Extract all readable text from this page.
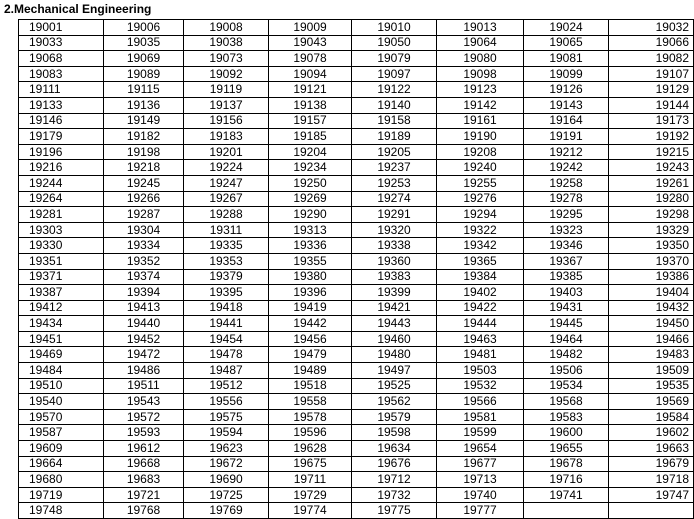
2.Mechanical Engineering
19001	19006	19008	19009	19010	19013	19024	19032
19033	19035	19038	19043	19050	19064	19065	19066
19068	19069	19073	19078	19079	19080	19081	19082
19083	19089	19092	19094	19097	19098	19099	19107
19111	19115	19119	19121	19122	19123	19126	19129
19133	19136	19137	19138	19140	19142	19143	19144
19146	19149	19156	19157	19158	19161	19164	19173
19179	19182	19183	19185	19189	19190	19191	19192
19196	19198	19201	19204	19205	19208	19212	19215
19216	19218	19224	19234	19237	19240	19242	19243
19244	19245	19247	19250	19253	19255	19258	19261
19264	19266	19267	19269	19274	19276	19278	19280
19281	19287	19288	19290	19291	19294	19295	19298
19303	19304	19311	19313	19320	19322	19323	19329
19330	19334	19335	19336	19338	19342	19346	19350
19351	19352	19353	19355	19360	19365	19367	19370
19371	19374	19379	19380	19383	19384	19385	19386
19387	19394	19395	19396	19399	19402	19403	19404
19412	19413	19418	19419	19421	19422	19431	19432
19434	19440	19441	19442	19443	19444	19445	19450
19451	19452	19454	19456	19460	19463	19464	19466
19469	19472	19478	19479	19480	19481	19482	19483
19484	19486	19487	19489	19497	19503	19506	19509
19510	19511	19512	19518	19525	19532	19534	19535
19540	19543	19556	19558	19562	19566	19568	19569
19570	19572	19575	19578	19579	19581	19583	19584
19587	19593	19594	19596	19598	19599	19600	19602
19609	19612	19623	19628	19634	19654	19655	19663
19664	19668	19672	19675	19676	19677	19678	19679
19680	19683	19690	19711	19712	19713	19716	19718
19719	19721	19725	19729	19732	19740	19741	19747
19748	19768	19769	19774	19775	19777		
